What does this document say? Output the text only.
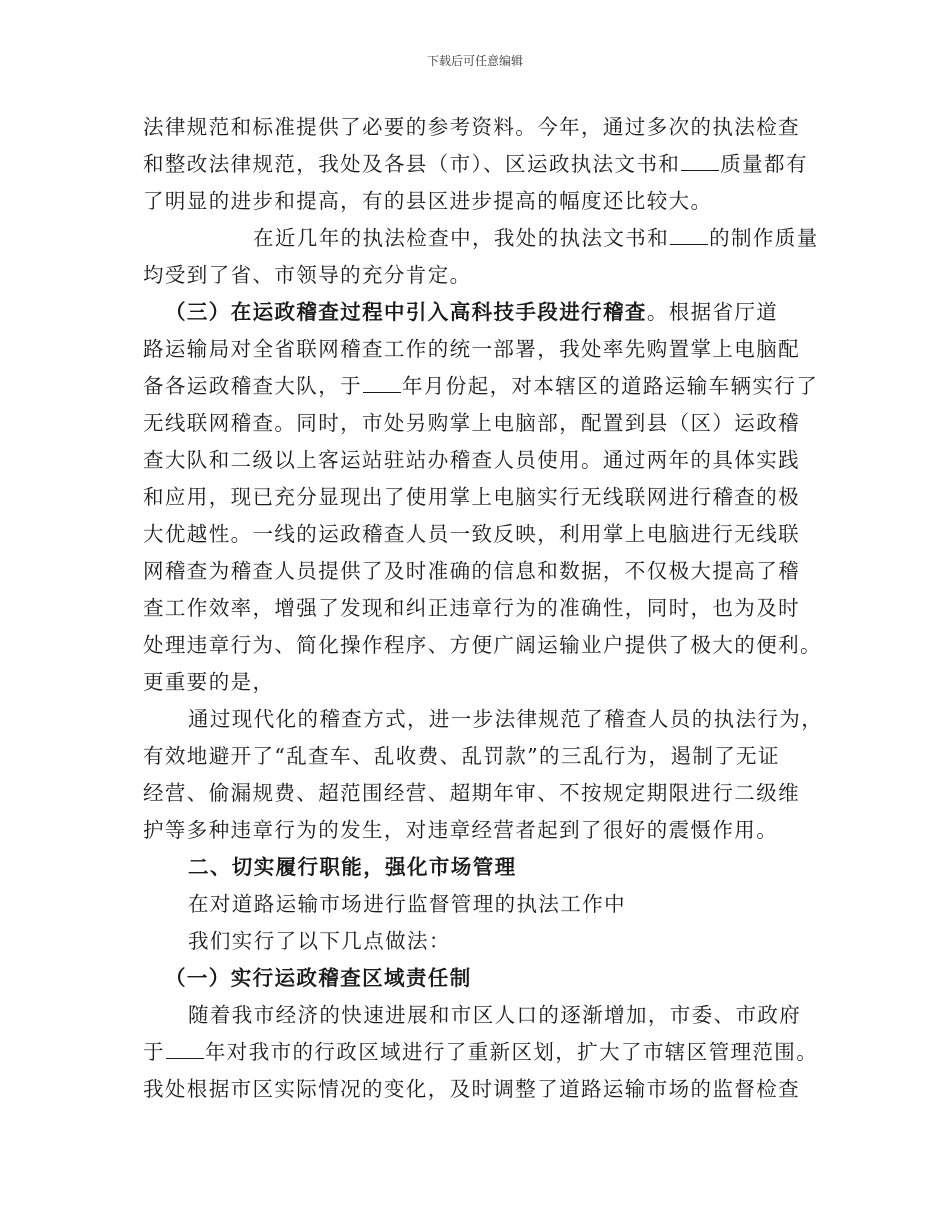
下载后可任意编辑
法律规范和标准提供了必要的参考资料。今年，通过多次的执法检查
和整改法律规范，我处及各县（市）、区运政执法文书和 质量都有
了明显的进步和提高，有的县区进步提高的幅度还比较大。
在近几年的执法检查中，我处的执法文书和 的制作质量
均受到了省、市领导的充分肯定。
（三）在运政稽查过程中引入高科技手段进行稽查。根据省厅道
路运输局对全省联网稽查工作的统一部署，我处率先购置掌上电脑配
备各运政稽查大队，于 年月份起，对本辖区的道路运输车辆实行了
无线联网稽查。同时，市处另购掌上电脑部，配置到县（区）运政稽
查大队和二级以上客运站驻站办稽查人员使用。通过两年的具体实践
和应用，现已充分显现出了使用掌上电脑实行无线联网进行稽查的极
大优越性。一线的运政稽查人员一致反映，利用掌上电脑进行无线联
网稽查为稽查人员提供了及时准确的信息和数据，不仅极大提高了稽
查工作效率，增强了发现和纠正违章行为的准确性，同时，也为及时
处理违章行为、简化操作程序、方便广阔运输业户提供了极大的便利。
更重要的是，
通过现代化的稽查方式，进一步法律规范了稽查人员的执法行为，
有效地避开了“乱查车、乱收费、乱罚款”的三乱行为，遏制了无证
经营、偷漏规费、超范围经营、超期年审、不按规定期限进行二级维
护等多种违章行为的发生，对违章经营者起到了很好的震慑作用。
二、切实履行职能，强化市场管理
在对道路运输市场进行监督管理的执法工作中
我们实行了以下几点做法：
（一）实行运政稽查区域责任制
随着我市经济的快速进展和市区人口的逐渐增加，市委、市政府
于 年对我市的行政区域进行了重新区划，扩大了市辖区管理范围。
我处根据市区实际情况的变化，及时调整了道路运输市场的监督检查
